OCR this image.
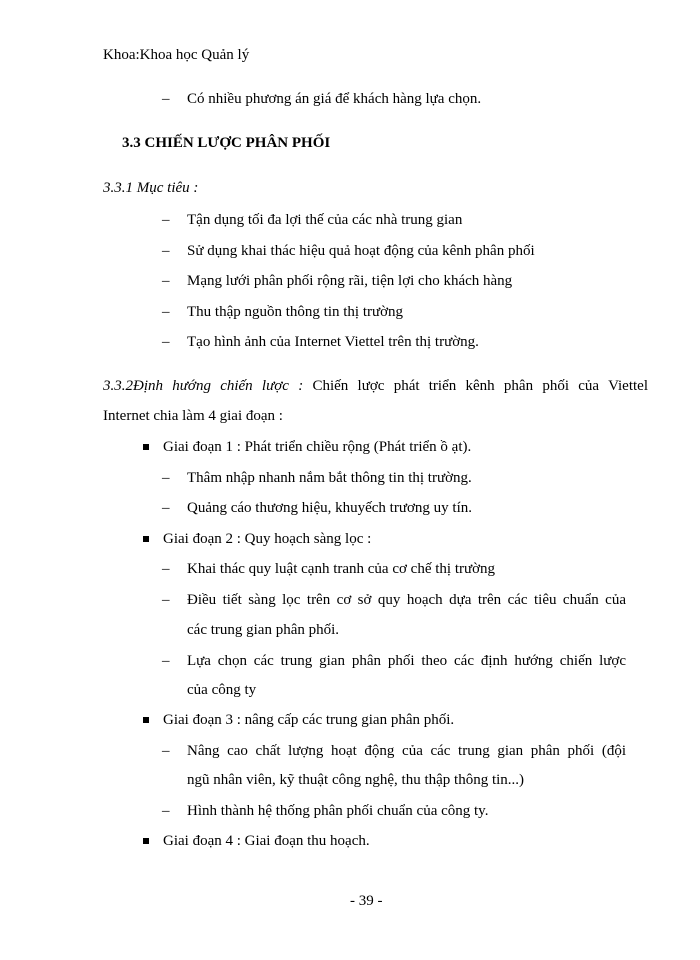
Khoa:Khoa học Quản lý
– Có nhiều phương án giá để khách hàng lựa chọn.
3.3 CHIẾN LƯỢC PHÂN PHỐI
3.3.1 Mục tiêu :
– Tận dụng tối đa lợi thế của các nhà trung gian
– Sử dụng khai thác hiệu quả hoạt động của kênh phân phối
– Mạng lưới phân phối rộng rãi, tiện lợi cho khách hàng
– Thu thập nguồn thông tin thị trường
– Tạo hình ảnh của Internet Viettel trên thị trường.
3.3.2Định hướng chiến lược : Chiến lược phát triển kênh phân phối của Viettel
Internet chia làm 4 giai đoạn :
Giai đoạn 1 : Phát triển chiều rộng (Phát triển ồ ạt).
– Thâm nhập nhanh nắm bắt thông tin thị trường.
– Quảng cáo thương hiệu, khuyếch trương uy tín.
Giai đoạn 2 : Quy hoạch sàng lọc :
– Khai thác quy luật cạnh tranh của cơ chế thị trường
– Điều tiết sàng lọc trên cơ sở quy hoạch dựa trên các tiêu chuẩn của
các trung gian phân phối.
– Lựa chọn các trung gian phân phối theo các định hướng chiến lược
của công ty
Giai đoạn 3 : nâng cấp các trung gian phân phối.
– Nâng cao chất lượng hoạt động của các trung gian phân phối (đội
ngũ nhân viên, kỹ thuật công nghệ, thu thập thông tin...)
– Hình thành hệ thống phân phối chuẩn của công ty.
Giai đoạn 4 : Giai đoạn thu hoạch.
- 39 -
